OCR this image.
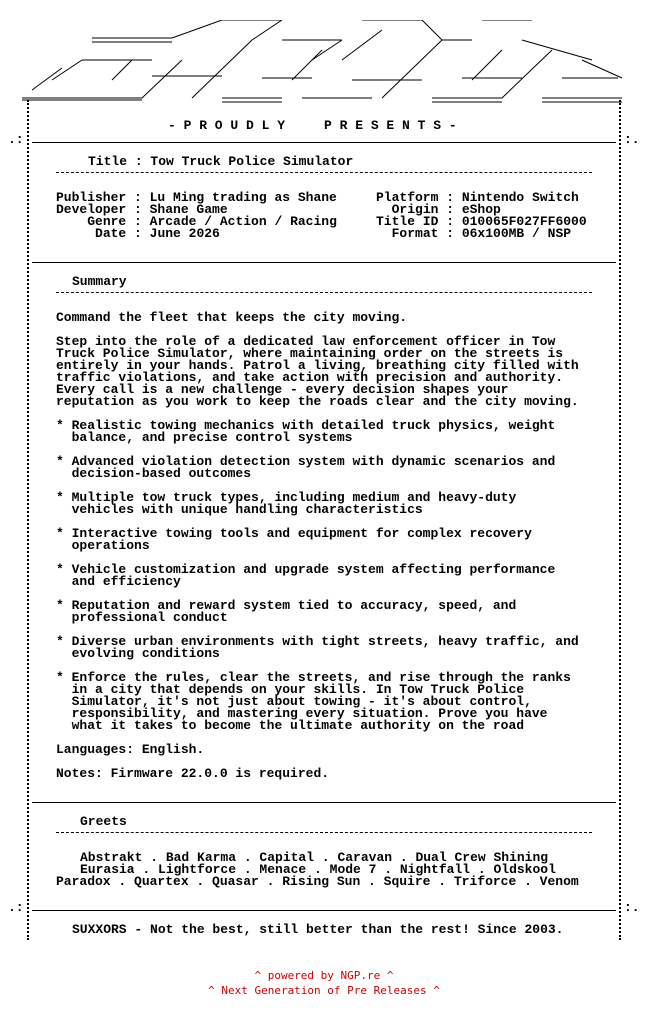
- P R O U D L Y     P R E S E N T S -
.:	:.
.:	:.
Title : Tow Truck Police Simulator
Publisher : Lu Ming trading as Shane
Developer : Shane Game
Genre : Arcade / Action / Racing
Date : June 2026
Platform : Nintendo Switch
Origin : eShop
Title ID : 010065F027FF6000
Format : 06x100MB / NSP
Summary
Command the fleet that keeps the city moving.
Step into the role of a dedicated law enforcement officer in Tow
Truck Police Simulator, where maintaining order on the streets is
entirely in your hands. Patrol a living, breathing city filled with
traffic violations, and take action with precision and authority.
Every call is a new challenge - every decision shapes your
reputation as you work to keep the roads clear and the city moving.
* Realistic towing mechanics with detailed truck physics, weight
balance, and precise control systems
* Advanced violation detection system with dynamic scenarios and
decision-based outcomes
* Multiple tow truck types, including medium and heavy-duty
vehicles with unique handling characteristics
* Interactive towing tools and equipment for complex recovery
operations
* Vehicle customization and upgrade system affecting performance
and efficiency
* Reputation and reward system tied to accuracy, speed, and
professional conduct
* Diverse urban environments with tight streets, heavy traffic, and
evolving conditions
* Enforce the rules, clear the streets, and rise through the ranks
in a city that depends on your skills. In Tow Truck Police
Simulator, it's not just about towing - it's about control,
responsibility, and mastering every situation. Prove you have
what it takes to become the ultimate authority on the road
Languages: English.
Notes: Firmware 22.0.0 is required.
Greets
Abstrakt . Bad Karma . Capital . Caravan . Dual Crew Shining
Eurasia . Lightforce . Menace . Mode 7 . Nightfall . Oldskool
Paradox . Quartex . Quasar . Rising Sun . Squire . Triforce . Venom
SUXXORS - Not the best, still better than the rest! Since 2003.
^ powered by NGP.re ^
^ Next Generation of Pre Releases ^
